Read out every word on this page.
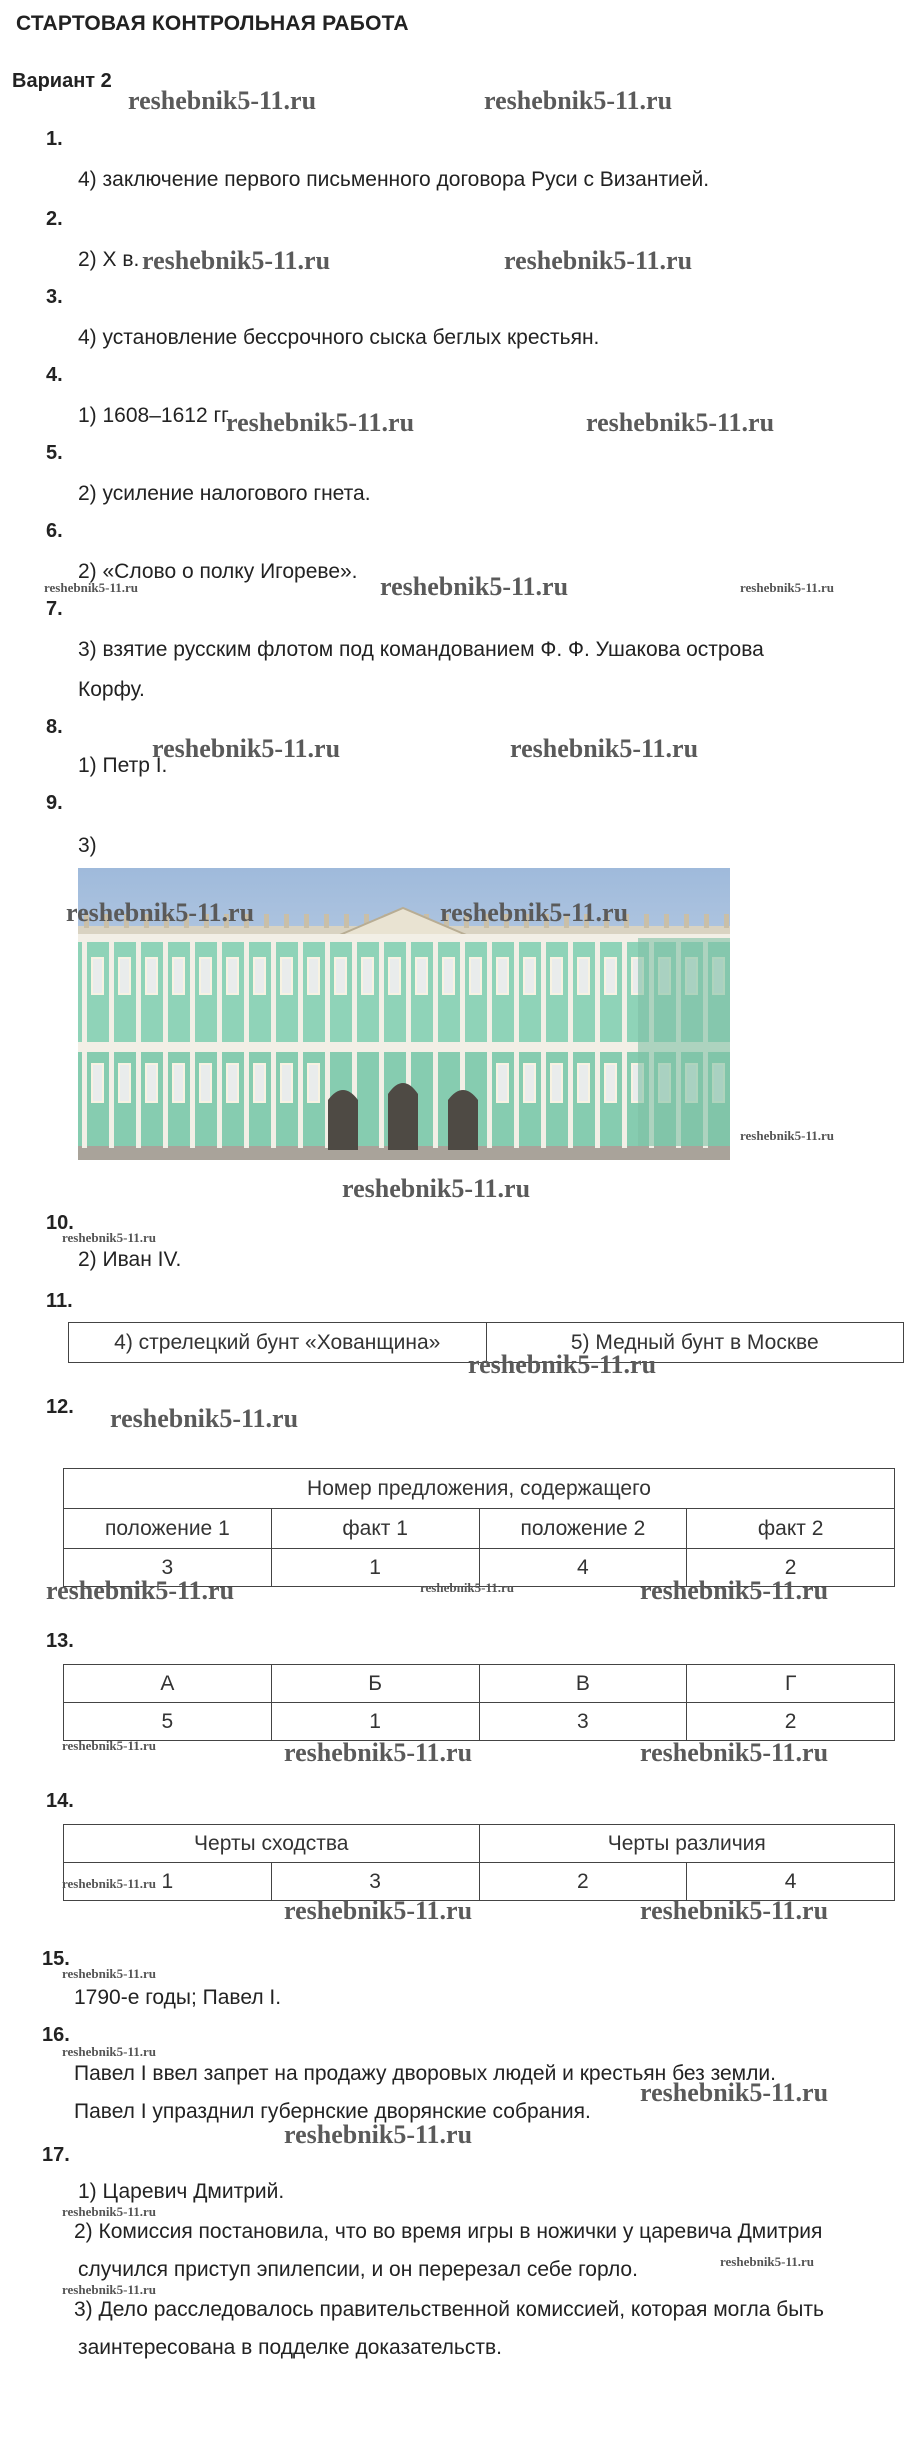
СТАРТОВАЯ КОНТРОЛЬНАЯ РАБОТА
Вариант 2
1.
4) заключение первого письменного договора Руси с Византией.
2.
2) X в.
3.
4) установление бессрочного сыска беглых крестьян.
4.
1) 1608–1612 гг.
5.
2) усиление налогового гнета.
6.
2) «Слово о полку Игореве».
7.
3) взятие русским флотом под командованием Ф. Ф. Ушакова острова
Корфу.
8.
1) Петр I.
9.
3)
10.
2) Иван IV.
11.
4) стрелецкий бунт «Хованщина»	5) Медный бунт в Москве
12.
Номер предложения, содержащего			
положение 1	факт 1	положение 2	факт 2
3	1	4	2
13.
А	Б	В	Г
5	1	3	2
14.
Черты сходства		Черты различия	
1	3	2	4
15.
1790-е годы; Павел I.
16.
Павел I ввел запрет на продажу дворовых людей и крестьян без земли.
Павел I упразднил губернские дворянские собрания.
17.
1) Царевич Дмитрий.
2) Комиссия постановила, что во время игры в ножички у царевича Дмитрия
случился приступ эпилепсии, и он перерезал себе горло.
3) Дело расследовалось правительственной комиссией, которая могла быть
заинтересована в подделке доказательств.
reshebnik5-11.ru	reshebnik5-11.ru
reshebnik5-11.ru	reshebnik5-11.ru
reshebnik5-11.ru	reshebnik5-11.ru
reshebnik5-11.ru
reshebnik5-11.ru	reshebnik5-11.ru
reshebnik5-11.ru	reshebnik5-11.ru
reshebnik5-11.ru
reshebnik5-11.ru
reshebnik5-11.ru
reshebnik5-11.ru	reshebnik5-11.ru
reshebnik5-11.ru	reshebnik5-11.ru
reshebnik5-11.ru	reshebnik5-11.ru
reshebnik5-11.ru
reshebnik5-11.ru
reshebnik5-11.ru	reshebnik5-11.ru
reshebnik5-11.ru
reshebnik5-11.ru
reshebnik5-11.ru
reshebnik5-11.ru
reshebnik5-11.ru
reshebnik5-11.ru
reshebnik5-11.ru
reshebnik5-11.ru
reshebnik5-11.ru
reshebnik5-11.ru
